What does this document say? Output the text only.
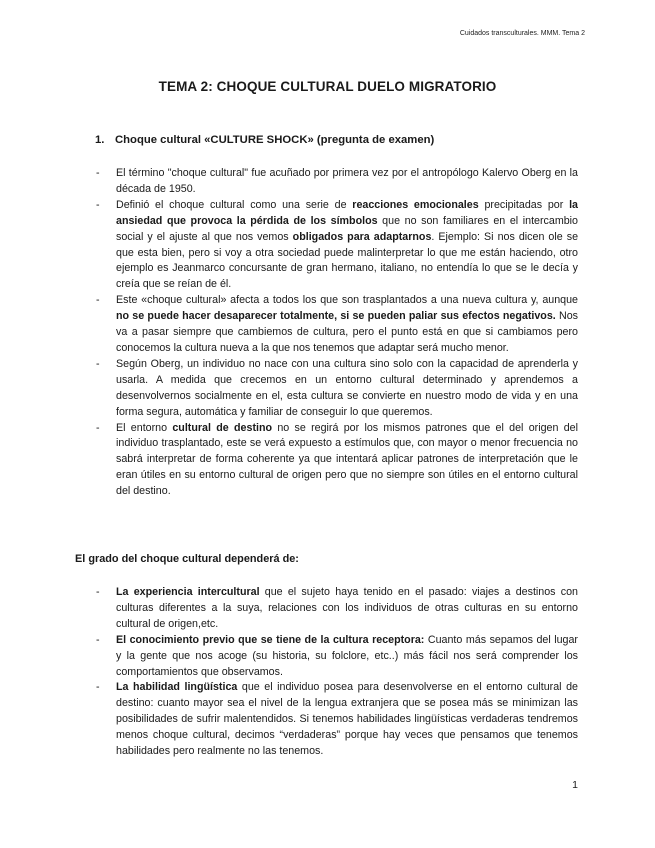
Cuidados transculturales. MMM. Tema 2
TEMA 2: CHOQUE CULTURAL DUELO MIGRATORIO
1. Choque cultural «CULTURE SHOCK» (pregunta de examen)
- El término "choque cultural" fue acuñado por primera vez por el antropólogo Kalervo Oberg en la década de 1950.
- Definió el choque cultural como una serie de reacciones emocionales precipitadas por la ansiedad que provoca la pérdida de los símbolos que no son familiares en el intercambio social y el ajuste al que nos vemos obligados para adaptarnos. Ejemplo: Si nos dicen ole se que esta bien, pero si voy a otra sociedad puede malinterpretar lo que me están haciendo, otro ejemplo es Jeanmarco concursante de gran hermano, italiano, no entendía lo que se le decía y creía que se reían de él.
- Este «choque cultural» afecta a todos los que son trasplantados a una nueva cultura y, aunque no se puede hacer desaparecer totalmente, si se pueden paliar sus efectos negativos. Nos va a pasar siempre que cambiemos de cultura, pero el punto está en que si cambiamos pero conocemos la cultura nueva a la que nos tenemos que adaptar será mucho menor.
- Según Oberg, un individuo no nace con una cultura sino solo con la capacidad de aprenderla y usarla. A medida que crecemos en un entorno cultural determinado y aprendemos a desenvolvernos socialmente en el, esta cultura se convierte en nuestro modo de vida y en una forma segura, automática y familiar de conseguir lo que queremos.
- El entorno cultural de destino no se regirá por los mismos patrones que el del origen del individuo trasplantado, este se verá expuesto a estímulos que, con mayor o menor frecuencia no sabrá interpretar de forma coherente ya que intentará aplicar patrones de interpretación que le eran útiles en su entorno cultural de origen pero que no siempre son útiles en el entorno cultural del destino.
El grado del choque cultural dependerá de:
- La experiencia intercultural que el sujeto haya tenido en el pasado: viajes a destinos con culturas diferentes a la suya, relaciones con los individuos de otras culturas en su entorno cultural de origen,etc.
- El conocimiento previo que se tiene de la cultura receptora: Cuanto más sepamos del lugar y la gente que nos acoge (su historia, su folclore, etc..) más fácil nos será comprender los comportamientos que observamos.
- La habilidad lingüística que el individuo posea para desenvolverse en el entorno cultural de destino: cuanto mayor sea el nivel de la lengua extranjera que se posea más se minimizan las posibilidades de sufrir malentendidos. Si tenemos habilidades lingüísticas verdaderas tendremos menos choque cultural, decimos “verdaderas” porque hay veces que pensamos que tenemos habilidades pero realmente no las tenemos.
1
